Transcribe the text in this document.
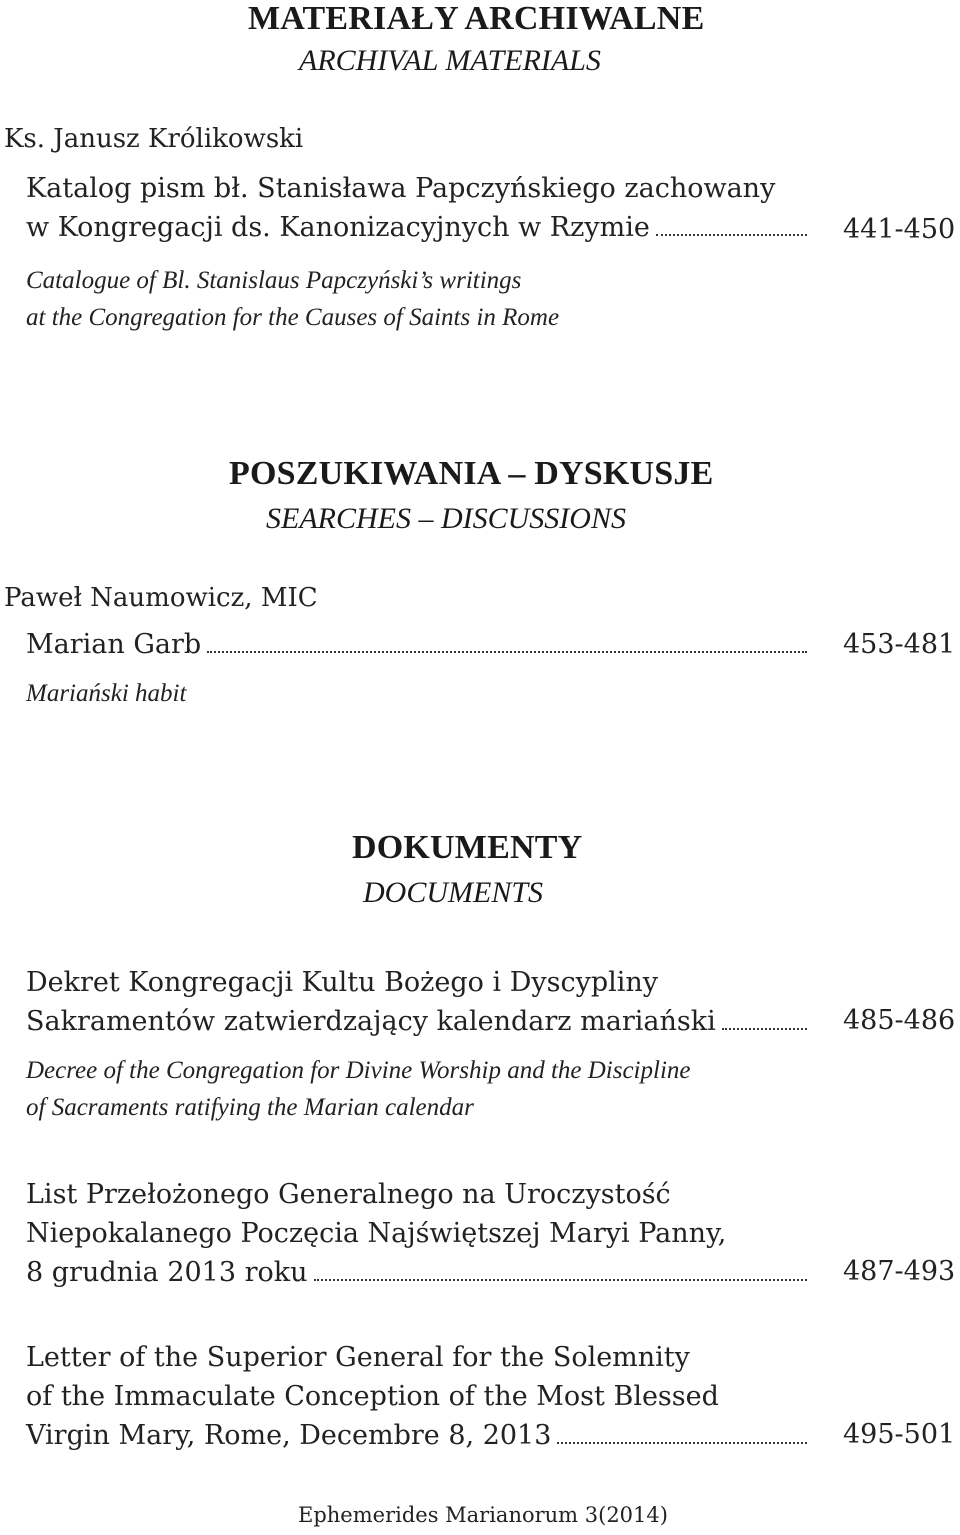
MATERIAŁY ARCHIWALNE
ARCHIVAL MATERIALS
Ks. Janusz Królikowski
Katalog pism bł. Stanisława Papczyńskiego zachowany
w Kongregacji ds. Kanonizacyjnych w Rzymie	441-450
Catalogue of Bl. Stanislaus Papczyński’s writings
at the Congregation for the Causes of Saints in Rome
POSZUKIWANIA – DYSKUSJE
SEARCHES – DISCUSSIONS
Paweł Naumowicz, MIC
Marian Garb	453-481
Mariański habit
DOKUMENTY
DOCUMENTS
Dekret Kongregacji Kultu Bożego i Dyscypliny
Sakramentów zatwierdzający kalendarz mariański	485-486
Decree of the Congregation for Divine Worship and the Discipline
of Sacraments ratifying the Marian calendar
List Przełożonego Generalnego na Uroczystość
Niepokalanego Poczęcia Najświętszej Maryi Panny,
8 grudnia 2013 roku	487-493
Letter of the Superior General for the Solemnity
of the Immaculate Conception of the Most Blessed
Virgin Mary, Rome, Decembre 8, 2013	495-501
Ephemerides Marianorum 3(2014)
